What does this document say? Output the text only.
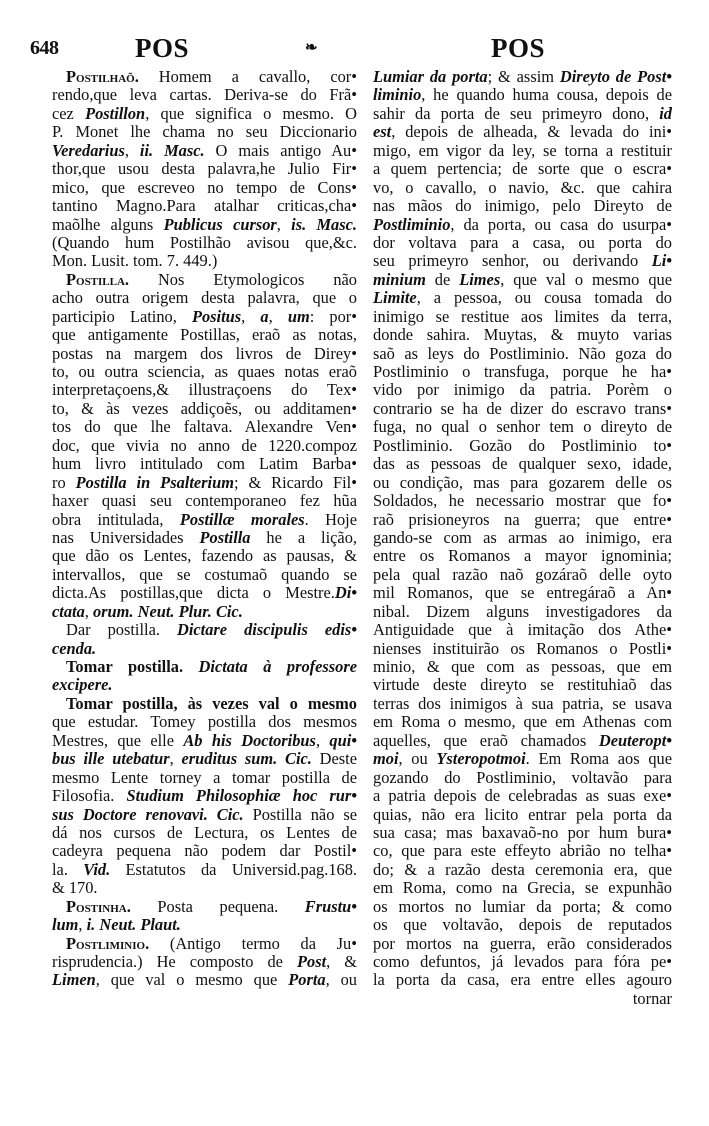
648	POS	❧	POS
Postilhaõ. Homem a cavallo, cor•
rendo,que leva cartas. Deriva-se do Frã•
cez Postillon, que significa o mesmo. O
P. Monet lhe chama no seu Diccionario
Veredarius, ii. Masc. O mais antigo Au•
thor,que usou desta palavra,he Julio Fir•
mico, que escreveo no tempo de Cons•
tantino Magno.Para atalhar criticas,cha•
maõlhe alguns Publicus cursor, is. Masc.
(Quando hum Postilhão avisou que,&c.
Mon. Lusit. tom. 7. 449.)
Postilla. Nos Etymologicos não
acho outra origem desta palavra, que o
participio Latino, Positus, a, um: por•
que antigamente Postillas, eraõ as notas,
postas na margem dos livros de Direy•
to, ou outra sciencia, as quaes notas eraõ
interpretaçoens,& illustraçoens do Tex•
to, & às vezes addiçoẽs, ou additamen•
tos do que lhe faltava. Alexandre Ven•
doc, que vivia no anno de 1220.compoz
hum livro intitulado com Latim Barba•
ro Postilla in Psalterium; & Ricardo Fil•
haxer quasi seu contemporaneo fez hũa
obra intitulada, Postillæ morales. Hoje
nas Universidades Postilla he a lição,
que dão os Lentes, fazendo as pausas, &
intervallos, que se costumaõ quando se
dicta.As postillas,que dicta o Mestre.Di•
ctata, orum. Neut. Plur. Cic.
Dar postilla. Dictare discipulis edis•
cenda.
Tomar postilla. Dictata à professore
excipere.
Tomar postilla, às vezes val o mesmo
que estudar. Tomey postilla dos mesmos
Mestres, que elle Ab his Doctoribus, qui•
bus ille utebatur, eruditus sum. Cic. Deste
mesmo Lente torney a tomar postilla de
Filosofia. Studium Philosophiæ hoc rur•
sus Doctore renovavi. Cic. Postilla não se
dá nos cursos de Lectura, os Lentes de
cadeyra pequena não podem dar Postil•
la. Vid. Estatutos da Universid.pag.168.
& 170.
Postinha. Posta pequena. Frustu•
lum, i. Neut. Plaut.
Postliminio. (Antigo termo da Ju•
risprudencia.) He composto de Post, &
Limen, que val o mesmo que Porta, ou
Lumiar da porta; & assim Direyto de Post•
liminio, he quando huma cousa, depois de
sahir da porta de seu primeyro dono, id
est, depois de alheada, & levada do ini•
migo, em vigor da ley, se torna a restituir
a quem pertencia; de sorte que o escra•
vo, o cavallo, o navio, &c. que cahira
nas mãos do inimigo, pelo Direyto de
Postliminio, da porta, ou casa do usurpa•
dor voltava para a casa, ou porta do
seu primeyro senhor, ou derivando Li•
minium de Limes, que val o mesmo que
Limite, a pessoa, ou cousa tomada do
inimigo se restitue aos limites da terra,
donde sahira. Muytas, & muyto varias
saõ as leys do Postliminio. Não goza do
Postliminio o transfuga, porque he ha•
vido por inimigo da patria. Porèm o
contrario se ha de dizer do escravo trans•
fuga, no qual o senhor tem o direyto de
Postliminio. Gozão do Postliminio to•
das as pessoas de qualquer sexo, idade,
ou condição, mas para gozarem delle os
Soldados, he necessario mostrar que fo•
raõ prisioneyros na guerra; que entre•
gando-se com as armas ao inimigo, era
entre os Romanos a mayor ignominia;
pela qual razão naõ gozáraõ delle oyto
mil Romanos, que se entregáraõ a An•
nibal. Dizem alguns investigadores da
Antiguidade que à imitação dos Athe•
nienses instituirão os Romanos o Postli•
minio, & que com as pessoas, que em
virtude deste direyto se restituhiaõ das
terras dos inimigos à sua patria, se usava
em Roma o mesmo, que em Athenas com
aquelles, que eraõ chamados Deuteropt•
moi, ou Ysteropotmoi. Em Roma aos que
gozando do Postliminio, voltavão para
a patria depois de celebradas as suas exe•
quias, não era licito entrar pela porta da
sua casa; mas baxavaõ-no por hum bura•
co, que para este effeyto abrião no telha•
do; & a razão desta ceremonia era, que
em Roma, como na Grecia, se expunhão
os mortos no lumiar da porta; & como
os que voltavão, depois de reputados
por mortos na guerra, erão considerados
como defuntos, já levados para fóra pe•
la porta da casa, era entre elles agouro
tornar
